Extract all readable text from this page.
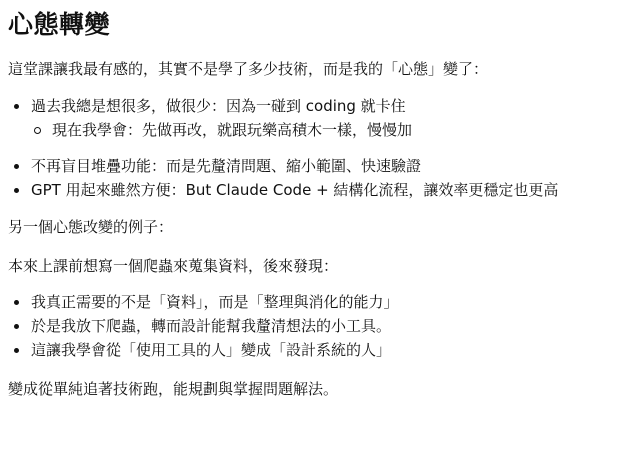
心態轉變

這堂課讓我最有感的，其實不是學了多少技術，而是我的「心態」變了：

過去我總是想很多，做很少：因為一碰到 coding 就卡住
現在我學會：先做再改，就跟玩樂高積木一樣，慢慢加
不再盲目堆疊功能：而是先釐清問題、縮小範圍、快速驗證
GPT 用起來雖然方便：But Claude Code + 結構化流程，讓效率更穩定也更高

另一個心態改變的例子：

本來上課前想寫一個爬蟲來蒐集資料，後來發現：

我真正需要的不是「資料」，而是「整理與消化的能力」
於是我放下爬蟲，轉而設計能幫我釐清想法的小工具。
這讓我學會從「使用工具的人」變成「設計系統的人」

變成從單純追著技術跑，能規劃與掌握問題解法。
